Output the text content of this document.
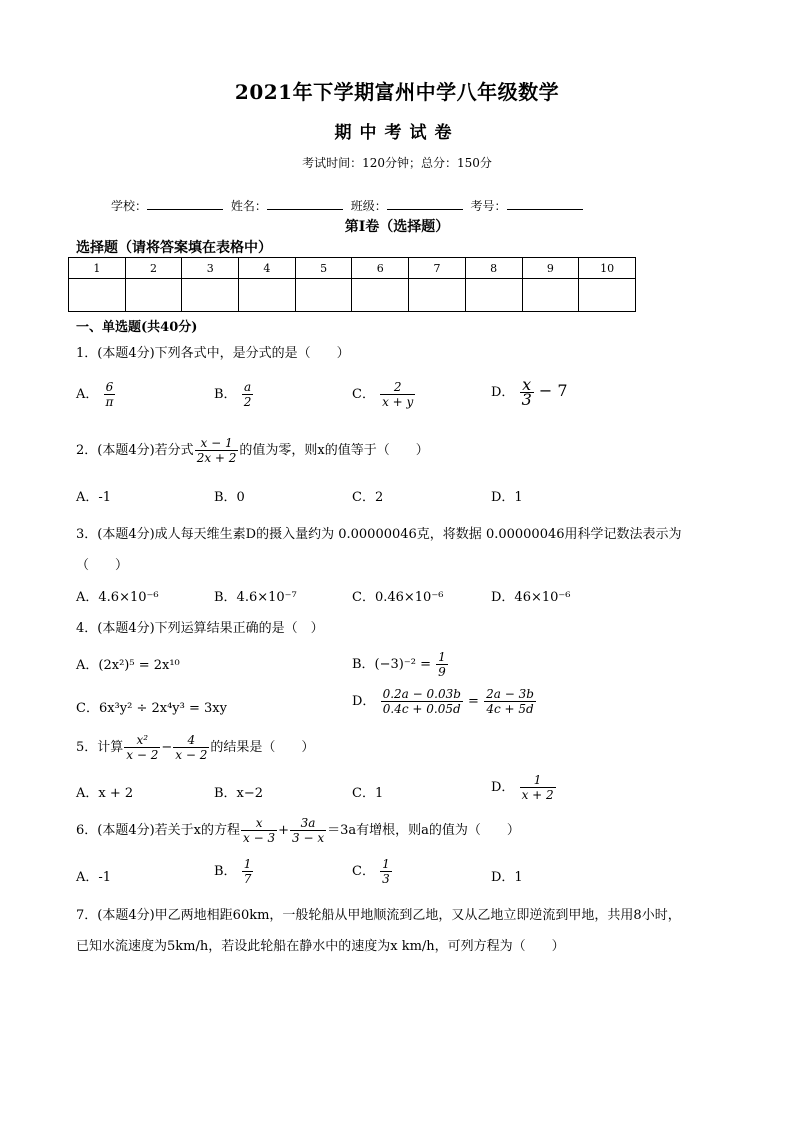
2021年下学期富州中学八年级数学
期中考试卷
考试时间：120分钟；总分：150分
学校：	姓名：	班级：	考号：
第I卷（选择题）
选择题（请将答案填在表格中）
1	2	3	4	5	6	7	8	9	10

一、单选题(共40分)
1．(本题4分)下列各式中，是分式的是（　　）
A． $\frac{6}{\pi}$	B． $\frac{a}{2}$	C． $\frac{2}{x + y}$	D． $\frac{x}{3} - 7$
2．(本题4分)若分式 $\frac{x - 1}{2x + 2}$ 的值为零，则x的值等于（　　）
A．-1	B．0	C．2	D．1
3．(本题4分)成人每天维生素D的摄入量约为 0.00000046克，将数据 0.00000046用科学记数法表示为
（　　）
A．4.6×10⁻⁶	B．4.6×10⁻⁷	C．0.46×10⁻⁶	D．46×10⁻⁶
4．(本题4分)下列运算结果正确的是（　）
A．(2x²)⁵ = 2x¹⁰	B．$(-3)^{-2} = \frac{1}{9}$
C．6x³y² ÷ 2x⁴y³ = 3xy	D． $\frac{0.2a - 0.03b}{0.4c + 0.05d} = \frac{2a - 3b}{4c + 5d}$
5．计算 $\frac{\text{x²}}{x - 2} - \frac{4}{x - 2}$ 的结果是（　　）
A．x + 2	B．x−2	C．1	D． $\frac{1}{x + 2}$
6．(本题4分)若关于x的方程 $\frac{x}{x - 3} + \frac{3a}{3 - x} =3a$有增根，则a的值为（　　）
A．-1	B． $\frac{1}{7}$	C． $\frac{1}{3}$	D．1
7．(本题4分)甲乙两地相距60km，一般轮船从甲地顺流到乙地，又从乙地立即逆流到甲地，共用8小时，
已知水流速度为5km/h，若设此轮船在静水中的速度为x km/h，可列方程为（　　）
